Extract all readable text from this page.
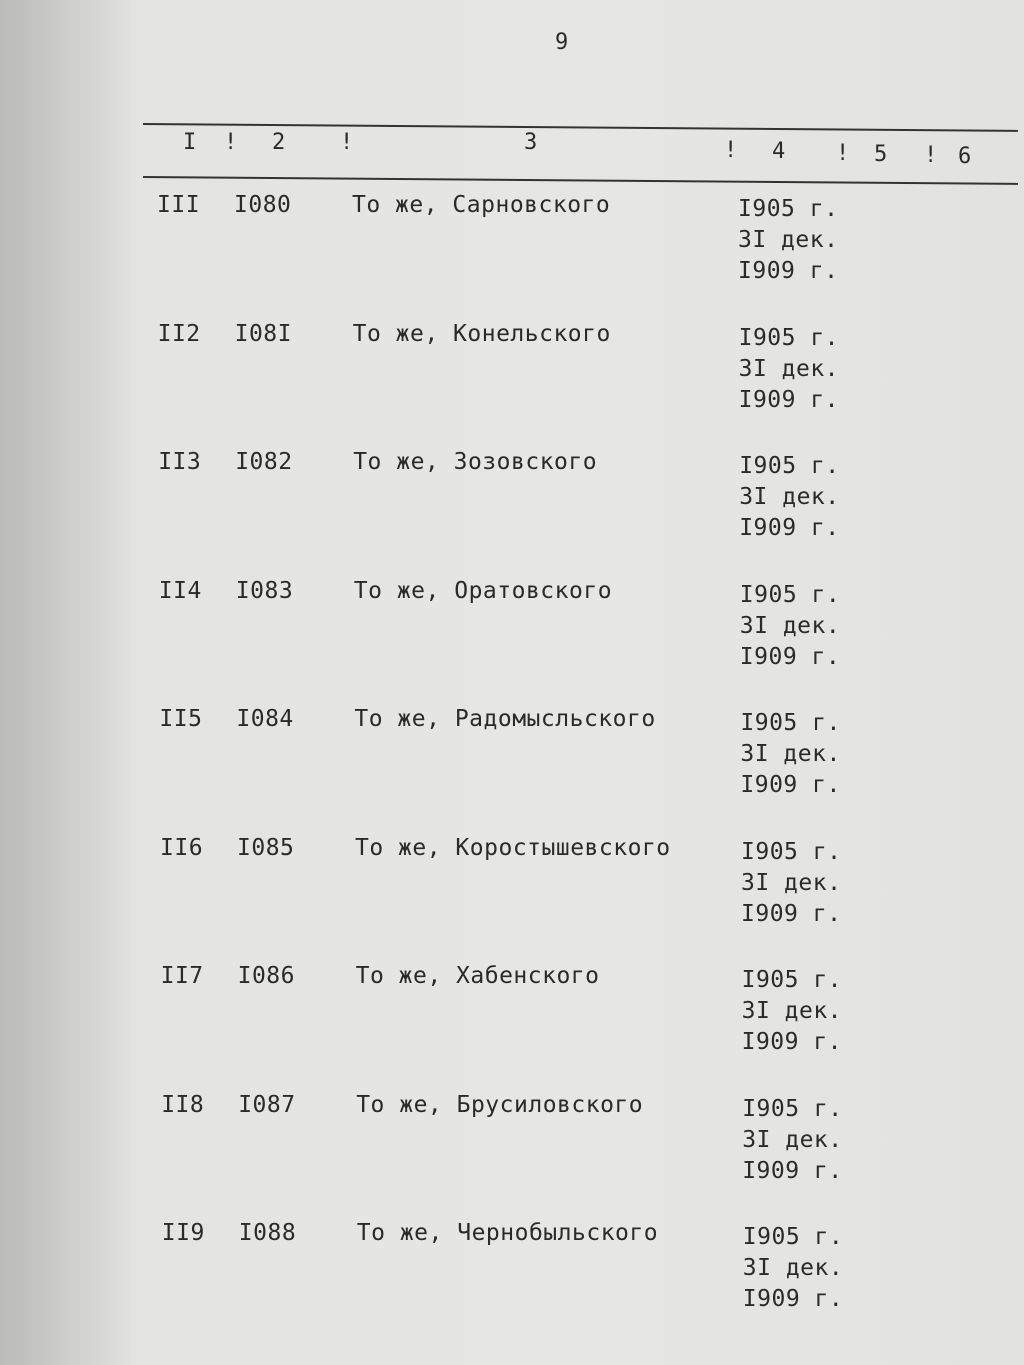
9
I ! 2 !	3	! 4 ! 5 ! 6
III I080	То же, Сарновского	I905 г.
3I дек.
I909 г.
II2 I08I	То же, Конельского	I905 г.
3I дек.
I909 г.
II3 I082	То же, Зозовского	I905 г.
3I дек.
I909 г.
II4 I083	То же, Оратовского	I905 г.
3I дек.
I909 г.
II5 I084	То же, Радомысльского	I905 г.
3I дек.
I909 г.
II6 I085	То же, Коростышевского	I905 г.
3I дек.
I909 г.
II7 I086	То же, Хабенского	I905 г.
3I дек.
I909 г.
II8 I087	То же, Брусиловского	I905 г.
3I дек.
I909 г.
II9 I088	То же, Чернобыльского	I905 г.
3I дек.
I909 г.
